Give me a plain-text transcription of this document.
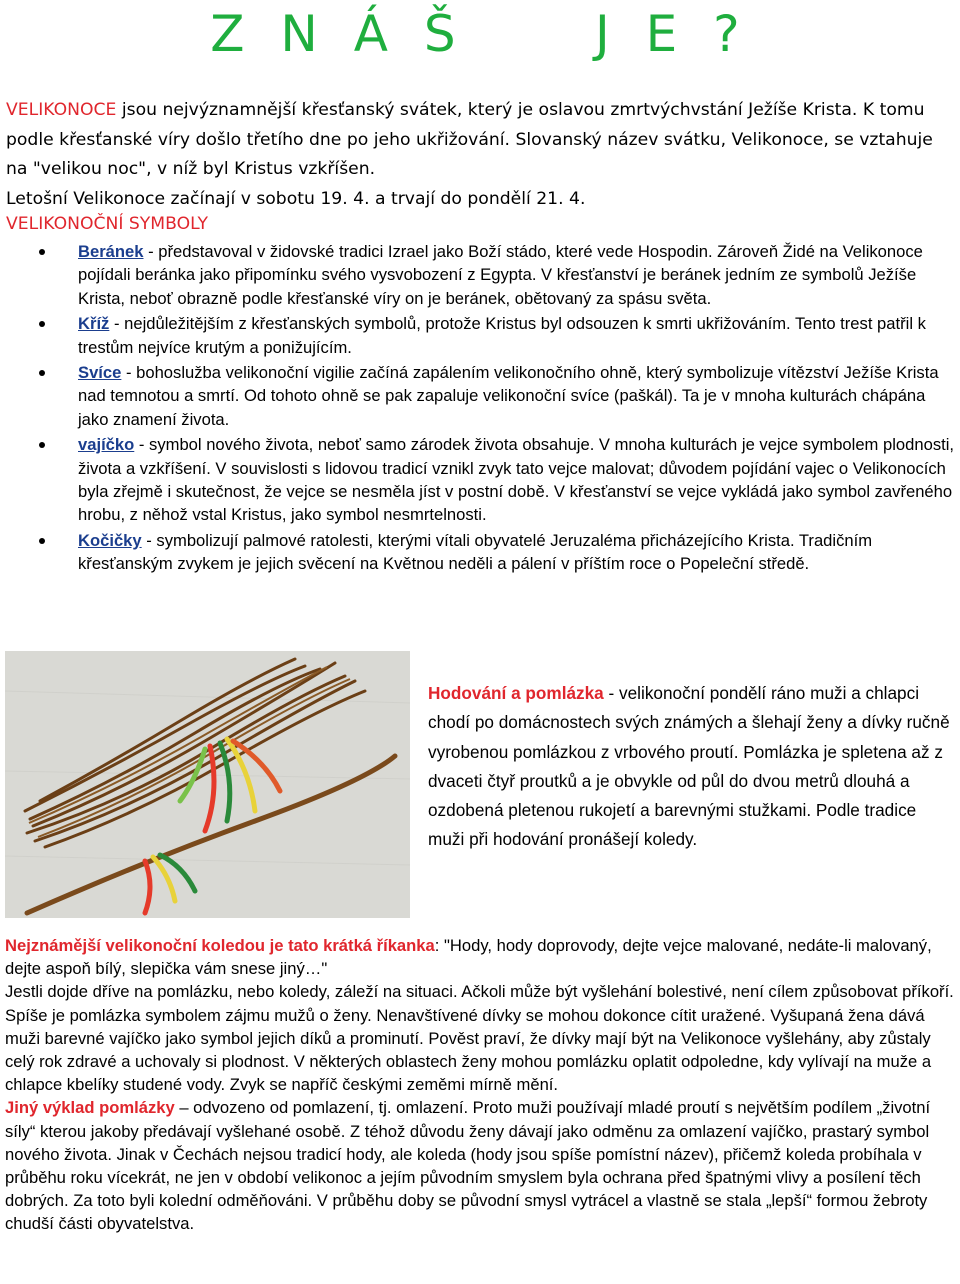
Z N Á Š     J E ?

VELIKONOCE jsou nejvýznamnější křesťanský svátek, který je oslavou zmrtvýchvstání Ježíše Krista. K tomu podle křesťanské víry došlo třetího dne po jeho ukřižování. Slovanský název svátku, Velikonoce, se vztahuje na "velikou noc", v níž byl Kristus vzkříšen.

Letošní Velikonoce začínají v sobotu 19. 4. a trvají do pondělí 21. 4.

VELIKONOČNÍ SYMBOLY
Beránek - představoval v židovské tradici Izrael jako Boží stádo, které vede Hospodin. Zároveň Židé na Velikonoce pojídali beránka jako připomínku svého vysvobození z Egypta. V křesťanství je beránek jedním ze symbolů Ježíše Krista, neboť obrazně podle křesťanské víry on je beránek, obětovaný za spásu světa.
Kříž - nejdůležitějším z křesťanských symbolů, protože Kristus byl odsouzen k smrti ukřižováním. Tento trest patřil k trestům nejvíce krutým a ponižujícím.
Svíce - bohoslužba velikonoční vigilie začíná zapálením velikonočního ohně, který symbolizuje vítězství Ježíše Krista nad temnotou a smrtí. Od tohoto ohně se pak zapaluje velikonoční svíce (paškál). Ta je v mnoha kulturách chápána jako znamení života.
vajíčko - symbol nového života, neboť samo zárodek života obsahuje. V mnoha kulturách je vejce symbolem plodnosti, života a vzkříšení. V souvislosti s lidovou tradicí vznikl zvyk tato vejce malovat; důvodem pojídání vajec o Velikonocích byla zřejmě i skutečnost, že vejce se nesměla jíst v postní době. V křesťanství se vejce vykládá jako symbol zavřeného hrobu, z něhož vstal Kristus, jako symbol nesmrtelnosti.
Kočičky - symbolizují palmové ratolesti, kterými vítali obyvatelé Jeruzaléma přicházejícího Krista. Tradičním křesťanským zvykem je jejich svěcení na Květnou neděli a pálení v příštím roce o Popeleční středě.

Hodování a pomlázka - velikonoční pondělí ráno muži a chlapci chodí po domácnostech svých známých a šlehají ženy a dívky ručně vyrobenou pomlázkou z vrbového proutí. Pomlázka je spletena až z dvaceti čtyř proutků a je obvykle od půl do dvou metrů dlouhá a ozdobená pletenou rukojetí a barevnými stužkami. Podle tradice muži při hodování pronášejí koledy.

Nejznámější velikonoční koledou je tato krátká říkanka: "Hody, hody doprovody, dejte vejce malované, nedáte-li malovaný, dejte aspoň bílý, slepička vám snese jiný…"

Jestli dojde dříve na pomlázku, nebo koledy, záleží na situaci. Ačkoli může být vyšlehání bolestivé, není cílem způsobovat příkoří. Spíše je pomlázka symbolem zájmu mužů o ženy. Nenavštívené dívky se mohou dokonce cítit uražené. Vyšupaná žena dává muži barevné vajíčko jako symbol jejich díků a prominutí. Pověst praví, že dívky mají být na Velikonoce vyšlehány, aby zůstaly celý rok zdravé a uchovaly si plodnost. V některých oblastech ženy mohou pomlázku oplatit odpoledne, kdy vylívají na muže a chlapce kbelíky studené vody. Zvyk se napříč českými zeměmi mírně mění.

Jiný výklad pomlázky – odvozeno od pomlazení, tj. omlazení. Proto muži používají mladé proutí s největším podílem „životní síly“ kterou jakoby předávají vyšlehané osobě. Z téhož důvodu ženy dávají jako odměnu za omlazení vajíčko, prastarý symbol nového života. Jinak v Čechách nejsou tradicí hody, ale koleda (hody jsou spíše pomístní název), přičemž koleda probíhala v průběhu roku vícekrát, ne jen v období velikonoc a jejím původním smyslem byla ochrana před špatnými vlivy a posílení těch dobrých. Za toto byli kolední odměňováni. V průběhu doby se původní smysl vytrácel a vlastně se stala „lepší“ formou žebroty chudší části obyvatelstva.
